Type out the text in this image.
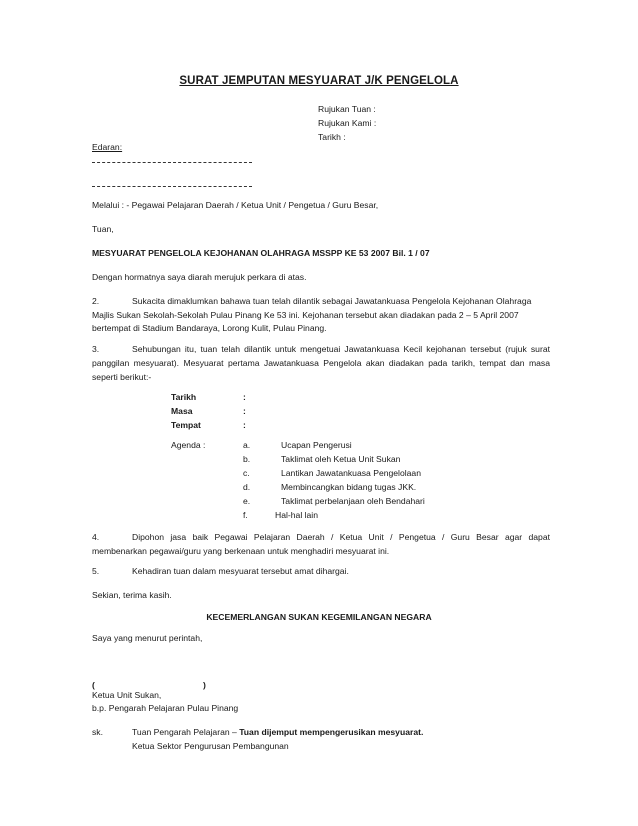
SURAT JEMPUTAN MESYUARAT J/K PENGELOLA
Rujukan Tuan :
Rujukan Kami :
Tarikh :
Edaran:
Melalui : - Pegawai Pelajaran Daerah / Ketua Unit / Pengetua / Guru Besar,
Tuan,
MESYUARAT PENGELOLA KEJOHANAN OLAHRAGA MSSPP KE 53 2007 Bil. 1 / 07
Dengan hormatnya saya diarah merujuk perkara di atas.
2.	Sukacita dimaklumkan bahawa tuan telah dilantik sebagai Jawatankuasa Pengelola Kejohanan Olahraga
Majlis Sukan Sekolah-Sekolah Pulau Pinang Ke 53 ini. Kejohanan tersebut akan diadakan pada 2 – 5 April 2007
bertempat di Stadium Bandaraya, Lorong Kulit, Pulau Pinang.
3.	Sehubungan itu, tuan telah dilantik untuk mengetuai Jawatankuasa Kecil kejohanan tersebut (rujuk surat
panggilan mesyuarat). Mesyuarat pertama Jawatankuasa Pengelola akan diadakan pada tarikh, tempat dan masa
seperti berikut:-
Tarikh	:
Masa	:
Tempat	:
Agenda :	a.	Ucapan Pengerusi
b.	Taklimat oleh Ketua Unit Sukan
c.	Lantikan Jawatankuasa Pengelolaan
d.	Membincangkan bidang tugas JKK.
e.	Taklimat perbelanjaan oleh Bendahari
f.	Hal-hal lain
4.	Dipohon jasa baik Pegawai Pelajaran Daerah / Ketua Unit / Pengetua / Guru Besar agar dapat
membenarkan pegawai/guru yang berkenaan untuk menghadiri mesyuarat ini.
5.	Kehadiran tuan dalam mesyuarat tersebut amat dihargai.
Sekian, terima kasih.
KECEMERLANGAN SUKAN KEGEMILANGAN NEGARA
Saya yang menurut perintah,
(	)
Ketua Unit Sukan,
b.p. Pengarah Pelajaran Pulau Pinang
sk.	Tuan Pengarah Pelajaran – Tuan dijemput mempengerusikan mesyuarat.
Ketua Sektor Pengurusan Pembangunan
